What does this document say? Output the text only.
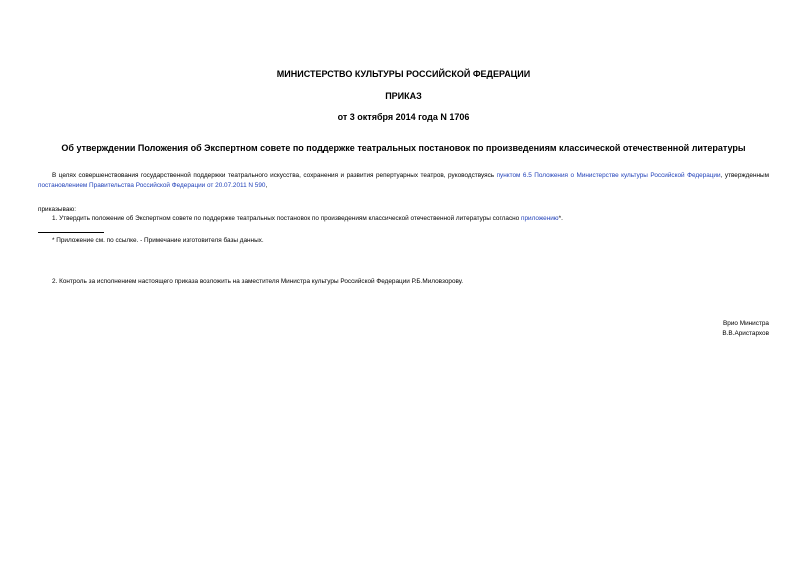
МИНИСТЕРСТВО КУЛЬТУРЫ РОССИЙСКОЙ ФЕДЕРАЦИИ
ПРИКАЗ
от 3 октября 2014 года N 1706
Об утверждении Положения об Экспертном совете по поддержке театральных постановок по произведениям классической отечественной литературы
В целях совершенствования государственной поддержки театрального искусства, сохранения и развития репертуарных театров, руководствуясь пунктом 6.5 Положения о Министерстве культуры Российской Федерации, утвержденным постановлением Правительства Российской Федерации от 20.07.2011 N 590,
приказываю:
1. Утвердить положение об Экспертном совете по поддержке театральных постановок по произведениям классической отечественной литературы согласно приложению*.
* Приложение см. по ссылке. - Примечание изготовителя базы данных.
2. Контроль за исполнением настоящего приказа возложить на заместителя Министра культуры Российской Федерации Р.Б.Миловзорову.
Врио Министра
В.В.Аристархов
